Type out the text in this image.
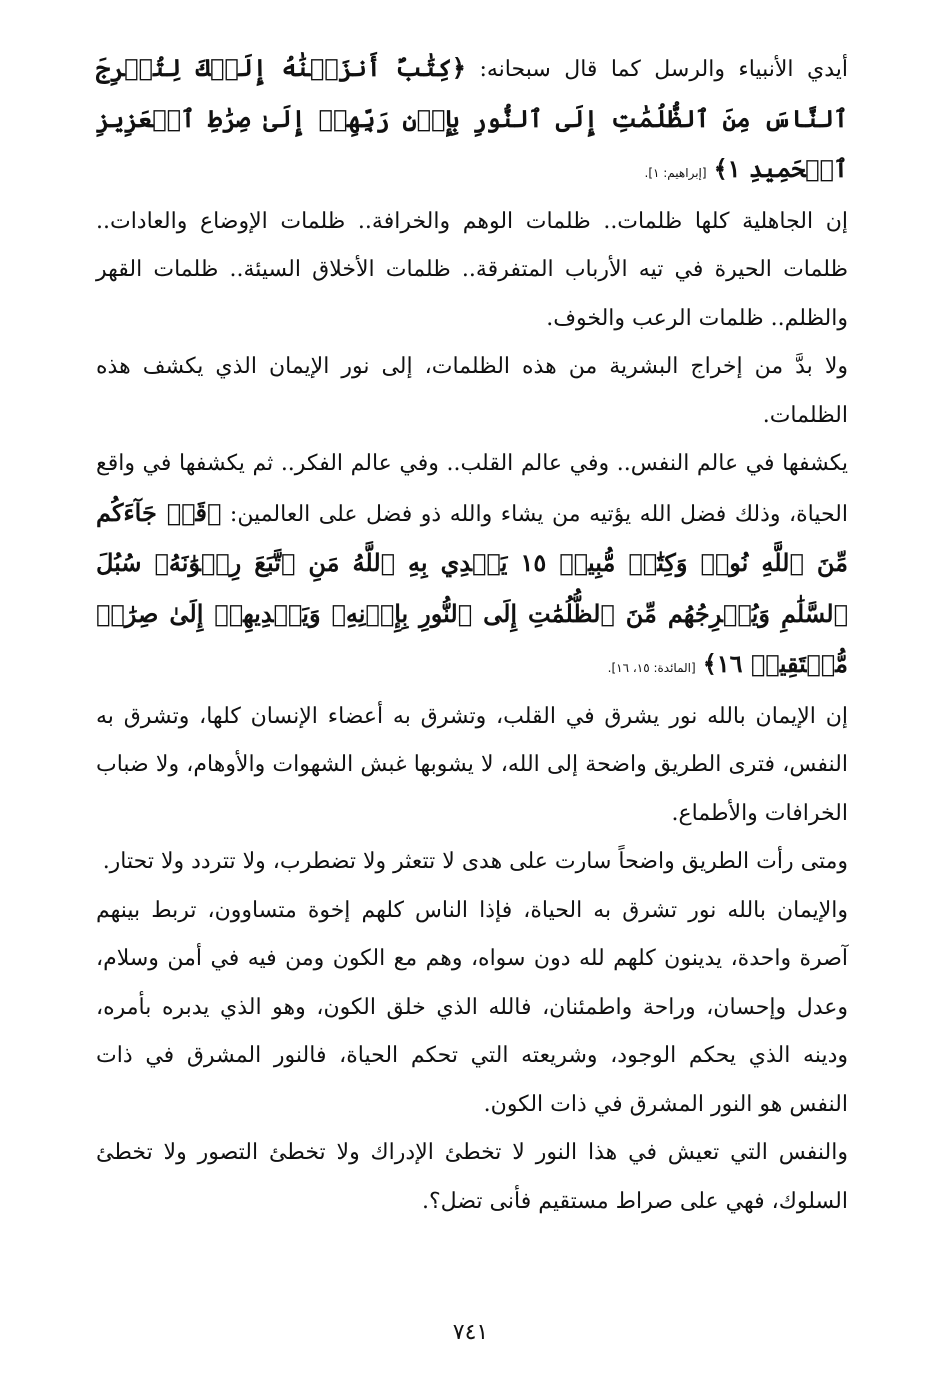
أيدي الأنبياء والرسل كما قال سبحانه: ﴿كِتَٰبٌ أَنزَلۡنَٰهُ إِلَيۡكَ لِتُخۡرِجَ ٱلنَّاسَ مِنَ ٱلظُّلُمَٰتِ إِلَى ٱلنُّورِ بِإِذۡنِ رَبِّهِمۡ إِلَىٰ صِرَٰطِ ٱلۡعَزِيزِ ٱلۡحَمِيدِ ١﴾ [إبراهيم: ١].

إن الجاهلية كلها ظلمات.. ظلمات الوهم والخرافة.. ظلمات الإوضاع والعادات.. ظلمات الحيرة في تيه الأرباب المتفرقة.. ظلمات الأخلاق السيئة.. ظلمات القهر والظلم.. ظلمات الرعب والخوف.

ولا بدَّ من إخراج البشرية من هذه الظلمات، إلى نور الإيمان الذي يكشف هذه الظلمات.

يكشفها في عالم النفس.. وفي عالم القلب.. وفي عالم الفكر.. ثم يكشفها في واقع الحياة، وذلك فضل الله يؤتيه من يشاء والله ذو فضل على العالمين: ﴿قَدۡ جَآءَكُم مِّنَ ٱللَّهِ نُورٞ وَكِتَٰبٞ مُّبِينٞ ١٥ يَهۡدِي بِهِ ٱللَّهُ مَنِ ٱتَّبَعَ رِضۡوَٰنَهُۥ سُبُلَ ٱلسَّلَٰمِ وَيُخۡرِجُهُم مِّنَ ٱلظُّلُمَٰتِ إِلَى ٱلنُّورِ بِإِذۡنِهِۦ وَيَهۡدِيهِمۡ إِلَىٰ صِرَٰطٖ مُّسۡتَقِيمٖ ١٦﴾ [المائدة: ١٥، ١٦].

إن الإيمان بالله نور يشرق في القلب، وتشرق به أعضاء الإنسان كلها، وتشرق به النفس، فترى الطريق واضحة إلى الله، لا يشوبها غبش الشهوات والأوهام، ولا ضباب الخرافات والأطماع.

ومتى رأت الطريق واضحاً سارت على هدى لا تتعثر ولا تضطرب، ولا تتردد ولا تحتار.

والإيمان بالله نور تشرق به الحياة، فإذا الناس كلهم إخوة متساوون، تربط بينهم آصرة واحدة، يدينون كلهم لله دون سواه، وهم مع الكون ومن فيه في أمن وسلام، وعدل وإحسان، وراحة واطمئنان، فالله الذي خلق الكون، وهو الذي يدبره بأمره، ودينه الذي يحكم الوجود، وشريعته التي تحكم الحياة، فالنور المشرق في ذات النفس هو النور المشرق في ذات الكون.

والنفس التي تعيش في هذا النور لا تخطئ الإدراك ولا تخطئ التصور ولا تخطئ السلوك، فهي على صراط مستقيم فأنى تضل؟.

٧٤١
